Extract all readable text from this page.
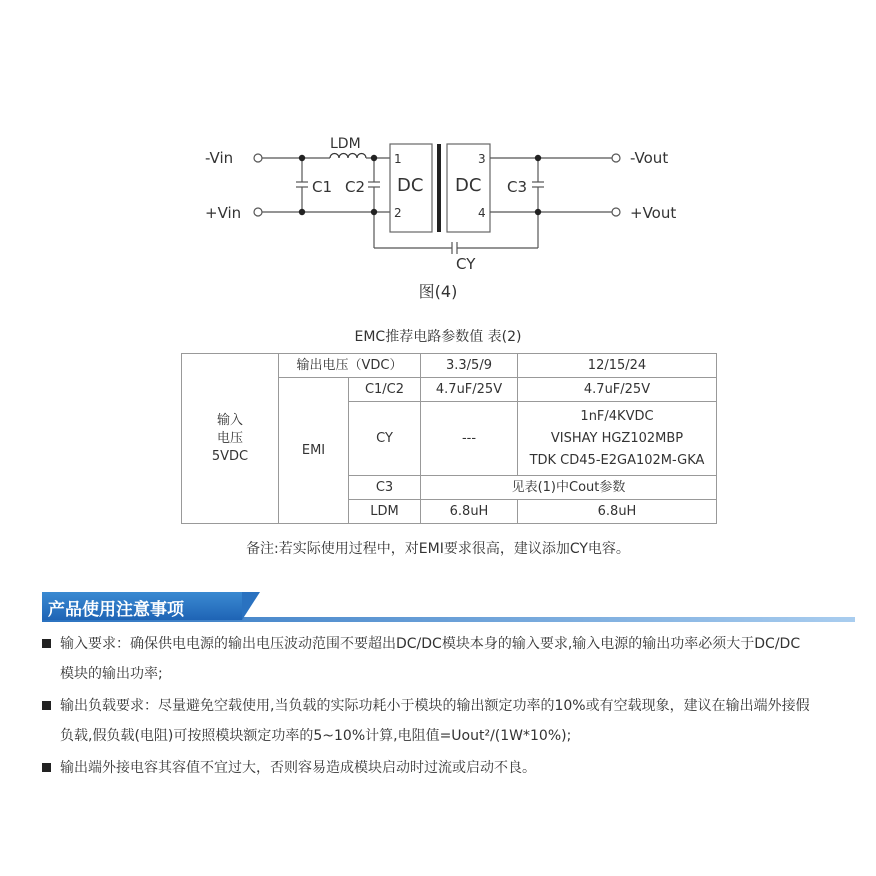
-Vin
+Vin
LDM
C1 C2	C3
DC DC
1
2
3
4
-Vout
+Vout
CY
图(4)
EMC推荐电路参数值 表(2)
输入
电压
5VDC	输出电压（VDC）		3.3/5/9	12/15/24
	EMI	C1/C2	4.7uF/25V	4.7uF/25V
		CY	---	1nF/4KVDC
VISHAY HGZ102MBP
TDK CD45-E2GA102M-GKA

		C3	见表(1)中Cout参数	
		LDM	6.8uH	6.8uH
备注:若实际使用过程中，对EMI要求很高，建议添加CY电容。
产品使用注意事项
输入要求：确保供电电源的输出电压波动范围不要超出DC/DC模块本身的输入要求,输入电源的输出功率必须大于DC/DC
模块的输出功率;
输出负载要求：尽量避免空载使用,当负载的实际功耗小于模块的输出额定功率的10%或有空载现象，建议在输出端外接假
负载,假负载(电阻)可按照模块额定功率的5~10%计算,电阻值=Uout²/(1W*10%);
输出端外接电容其容值不宜过大，否则容易造成模块启动时过流或启动不良。
